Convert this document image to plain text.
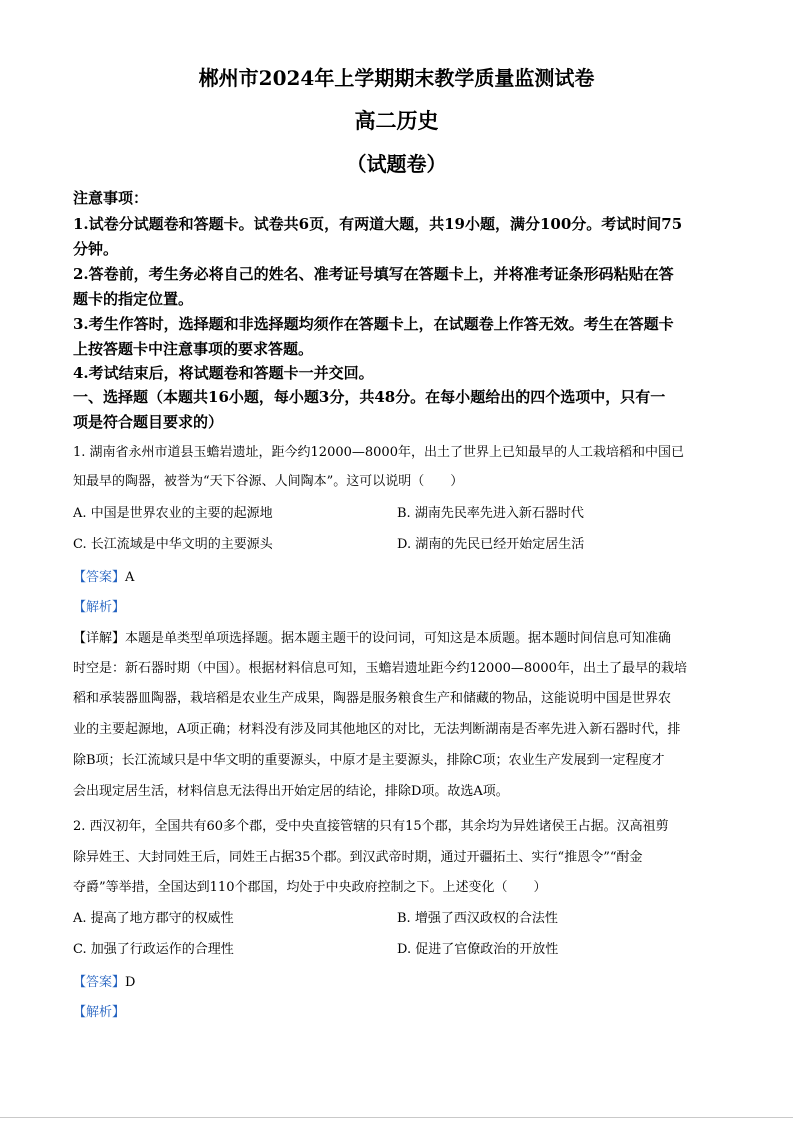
郴州市2024年上学期期末教学质量监测试卷
高二历史
（试题卷）
注意事项：
1.试卷分试题卷和答题卡。试卷共6页，有两道大题，共19小题，满分100分。考试时间75
分钟。
2.答卷前，考生务必将自己的姓名、准考证号填写在答题卡上，并将准考证条形码粘贴在答
题卡的指定位置。
3.考生作答时，选择题和非选择题均须作在答题卡上，在试题卷上作答无效。考生在答题卡
上按答题卡中注意事项的要求答题。
4.考试结束后，将试题卷和答题卡一并交回。
一、选择题（本题共16小题，每小题3分，共48分。在每小题给出的四个选项中，只有一
项是符合题目要求的）
1. 湖南省永州市道县玉蟾岩遗址，距今约12000—8000年，出土了世界上已知最早的人工栽培稻和中国已
知最早的陶器，被誉为“天下谷源、人间陶本”。这可以说明（　　）
A. 中国是世界农业的主要的起源地	B. 湖南先民率先进入新石器时代
C. 长江流域是中华文明的主要源头	D. 湖南的先民已经开始定居生活
【答案】A
【解析】
【详解】本题是单类型单项选择题。据本题主题干的设问词，可知这是本质题。据本题时间信息可知准确
时空是：新石器时期（中国）。根据材料信息可知，玉蟾岩遗址距今约12000—8000年，出土了最早的栽培
稻和承装器皿陶器，栽培稻是农业生产成果，陶器是服务粮食生产和储藏的物品，这能说明中国是世界农
业的主要起源地，A项正确；材料没有涉及同其他地区的对比，无法判断湖南是否率先进入新石器时代，排
除B项；长江流域只是中华文明的重要源头，中原才是主要源头，排除C项；农业生产发展到一定程度才
会出现定居生活，材料信息无法得出开始定居的结论，排除D项。故选A项。
2. 西汉初年，全国共有60多个郡，受中央直接管辖的只有15个郡，其余均为异姓诸侯王占据。汉高祖剪
除异姓王、大封同姓王后，同姓王占据35个郡。到汉武帝时期，通过开疆拓土、实行“推恩令”“酎金
夺爵”等举措，全国达到110个郡国，均处于中央政府控制之下。上述变化（　　）
A. 提高了地方郡守的权威性	B. 增强了西汉政权的合法性
C. 加强了行政运作的合理性	D. 促进了官僚政治的开放性
【答案】D
【解析】
